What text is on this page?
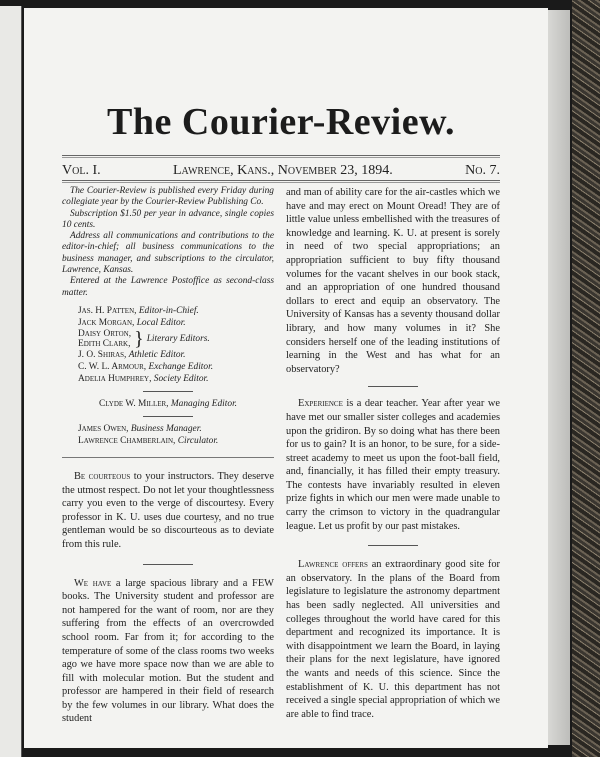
The Courier-Review.
Vol. I.	Lawrence, Kans., November 23, 1894.	No. 7.

The Courier-Review is published every Friday during collegiate year by the Courier-Review Publishing Co.

Subscription $1.50 per year in advance, single copies 10 cents.

Address all communications and contributions to the editor-in-chief; all business communications to the business manager, and subscriptions to the circulator, Lawrence, Kansas.

Entered at the Lawrence Postoffice as second-class matter.

Jas. H. Patten, Editor-in-Chief.
Jack Morgan, Local Editor.
Daisy Orton,
Edith Clark, } Literary Editors.
J. O. Shiras, Athletic Editor.
C. W. L. Armour, Exchange Editor.
Adelia Humphrey, Society Editor.
Clyde W. Miller, Managing Editor.
James Owen, Business Manager.
Lawrence Chamberlain, Circulator.

Be courteous to your instructors. They deserve the utmost respect. Do not let your thoughtlessness carry you even to the verge of discourtesy. Every professor in K. U. uses due courtesy, and no true gentleman would be so discourteous as to deviate from this rule.

We have a large spacious library and a FEW books. The University student and professor are not hampered for the want of room, nor are they suffering from the effects of an overcrowded school room. Far from it; for according to the temperature of some of the class rooms two weeks ago we have more space now than we are able to fill with molecular motion. But the student and professor are hampered in their field of research by the few volumes in our library. What does the student

and man of ability care for the air-castles which we have and may erect on Mount Oread! They are of little value unless embellished with the treasures of knowledge and learning. K. U. at present is sorely in need of two special appropriations; an appropriation sufficient to buy fifty thousand volumes for the vacant shelves in our book stack, and an appropriation of one hundred thousand dollars to erect and equip an observatory. The University of Kansas has a seventy thousand dollar library, and how many volumes in it? She considers herself one of the leading institutions of learning in the West and has what for an observatory?

Experience is a dear teacher. Year after year we have met our smaller sister colleges and academies upon the gridiron. By so doing what has there been for us to gain? It is an honor, to be sure, for a side-street academy to meet us upon the foot-ball field, and, financially, it has filled their empty treasury. The contests have invariably resulted in eleven prize fights in which our men were made unable to carry the crimson to victory in the quadrangular league. Let us profit by our past mistakes.

Lawrence offers an extraordinary good site for an observatory. In the plans of the Board from legislature to legislature the astronomy department has been sadly neglected. All universities and colleges throughout the world have cared for this department and recognized its importance. It is with disappointment we learn the Board, in laying their plans for the next legislature, have ignored the wants and needs of this science. Since the establishment of K. U. this department has not received a single special appropriation of which we are able to find trace.
